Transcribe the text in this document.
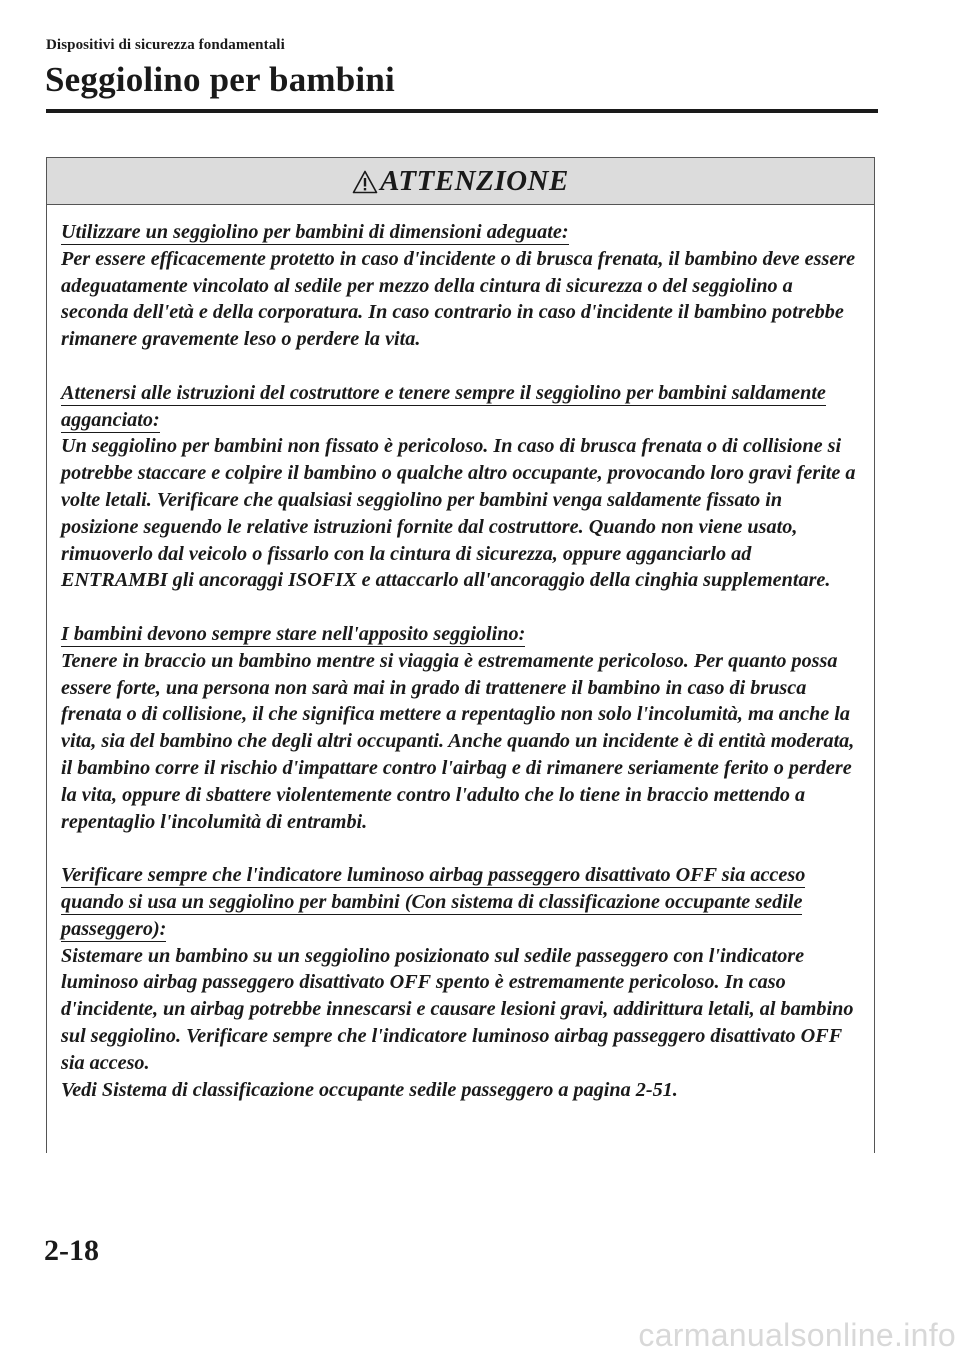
Dispositivi di sicurezza fondamentali
Seggiolino per bambini
ATTENZIONE

Utilizzare un seggiolino per bambini di dimensioni adeguate:
Per essere efficacemente protetto in caso d'incidente o di brusca frenata, il bambino deve essere adeguatamente vincolato al sedile per mezzo della cintura di sicurezza o del seggiolino a seconda dell'età e della corporatura. In caso contrario in caso d'incidente il bambino potrebbe rimanere gravemente leso o perdere la vita.

Attenersi alle istruzioni del costruttore e tenere sempre il seggiolino per bambini saldamente agganciato:
Un seggiolino per bambini non fissato è pericoloso. In caso di brusca frenata o di collisione si potrebbe staccare e colpire il bambino o qualche altro occupante, provocando loro gravi ferite a volte letali. Verificare che qualsiasi seggiolino per bambini venga saldamente fissato in posizione seguendo le relative istruzioni fornite dal costruttore. Quando non viene usato, rimuoverlo dal veicolo o fissarlo con la cintura di sicurezza, oppure agganciarlo ad ENTRAMBI gli ancoraggi ISOFIX e attaccarlo all'ancoraggio della cinghia supplementare.

I bambini devono sempre stare nell'apposito seggiolino:
Tenere in braccio un bambino mentre si viaggia è estremamente pericoloso. Per quanto possa essere forte, una persona non sarà mai in grado di trattenere il bambino in caso di brusca frenata o di collisione, il che significa mettere a repentaglio non solo l'incolumità, ma anche la vita, sia del bambino che degli altri occupanti. Anche quando un incidente è di entità moderata, il bambino corre il rischio d'impattare contro l'airbag e di rimanere seriamente ferito o perdere la vita, oppure di sbattere violentemente contro l'adulto che lo tiene in braccio mettendo a repentaglio l'incolumità di entrambi.

Verificare sempre che l'indicatore luminoso airbag passeggero disattivato OFF sia acceso quando si usa un seggiolino per bambini (Con sistema di classificazione occupante sedile passeggero):
Sistemare un bambino su un seggiolino posizionato sul sedile passeggero con l'indicatore luminoso airbag passeggero disattivato OFF spento è estremamente pericoloso. In caso d'incidente, un airbag potrebbe innescarsi e causare lesioni gravi, addirittura letali, al bambino sul seggiolino. Verificare sempre che l'indicatore luminoso airbag passeggero disattivato OFF sia acceso.
Vedi Sistema di classificazione occupante sedile passeggero a pagina 2-51.

2-18
carmanualsonline.info
